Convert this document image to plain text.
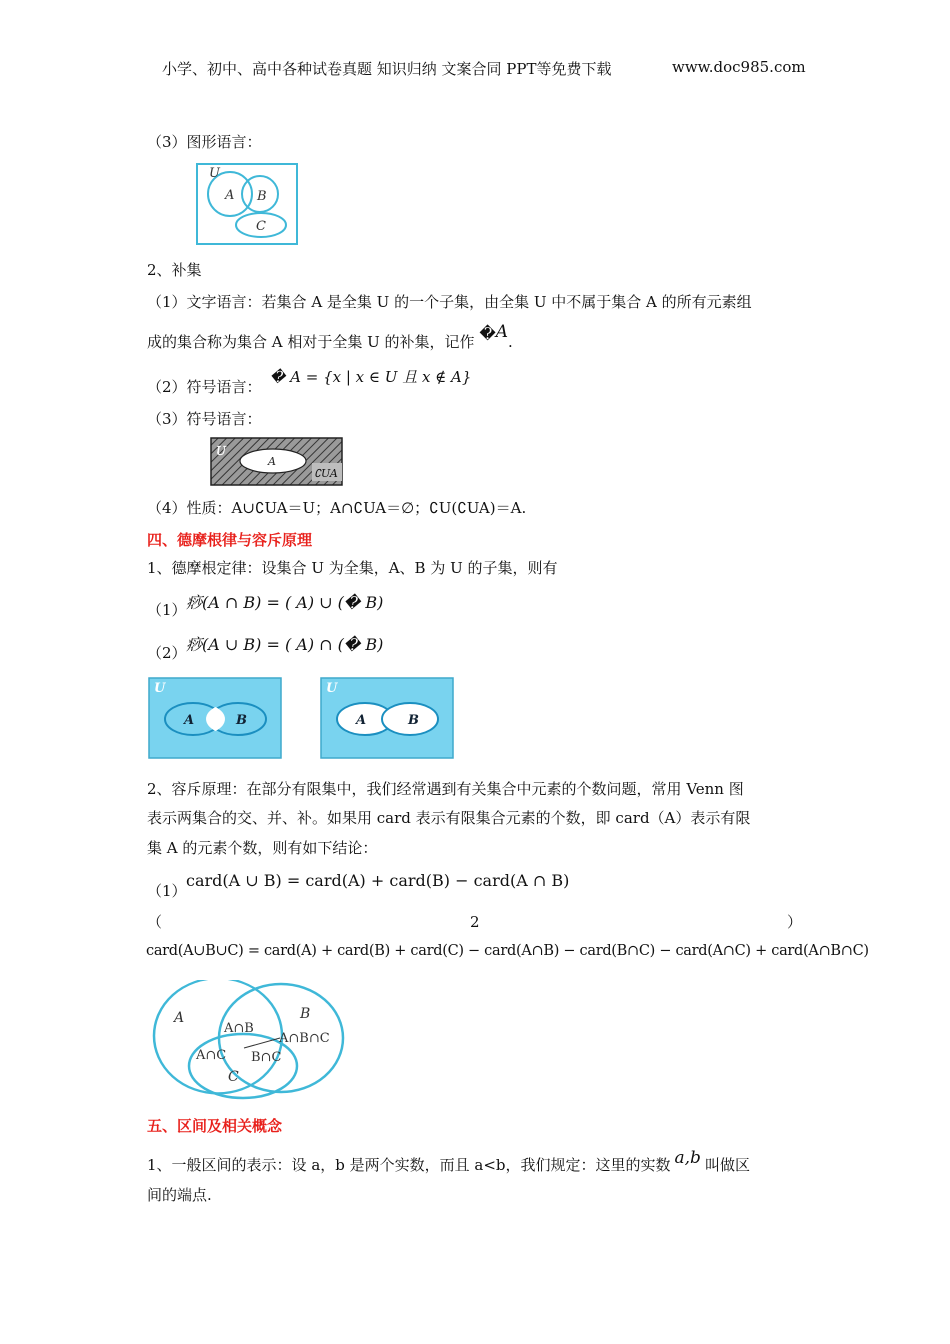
小学、初中、高中各种试卷真题 知识归纳 文案合同 PPT等免费下载	www.doc985.com
（3）图形语言：
U
A B
C
2、补集
（1）文字语言：若集合 A 是全集 U 的一个子集，由全集 U 中不属于集合 A 的所有元素组
成的集合称为集合 A 相对于全集 U 的补集，记作 �A.
（2）符号语言：
� A = {x | x ∈ U 且 x ∉ A}
（3）符号语言：
U
A
∁UA
（4）性质：A∪∁UA＝U；A∩∁UA＝∅；∁U(∁UA)＝A.
四、德摩根律与容斥原理
1、德摩根定律：设集合 U 为全集，A、B 为 U 的子集，则有
（1） 痧(A ∩ B) = ( A) ∪ (� B)
（2） 痧(A ∪ B) = ( A) ∩ (� B)
U
A	B
U
A	B
2、容斥原理：在部分有限集中，我们经常遇到有关集合中元素的个数问题，常用 Venn 图
表示两集合的交、并、补。如果用 card 表示有限集合元素的个数，即 card（A）表示有限
集 A 的元素个数，则有如下结论：
（1）
card(A ∪ B) = card(A) + card(B) − card(A ∩ B)
（	2	）
card(A∪B∪C) = card(A) + card(B) + card(C) − card(A∩B) − card(B∩C) − card(A∩C) + card(A∩B∩C)
A	B
C
A∩B
A∩B∩C
A∩C B∩C
五、区间及相关概念
1、一般区间的表示：设 a，b 是两个实数，而且 a<b，我们规定：这里的实数 a,b 叫做区
间的端点.
